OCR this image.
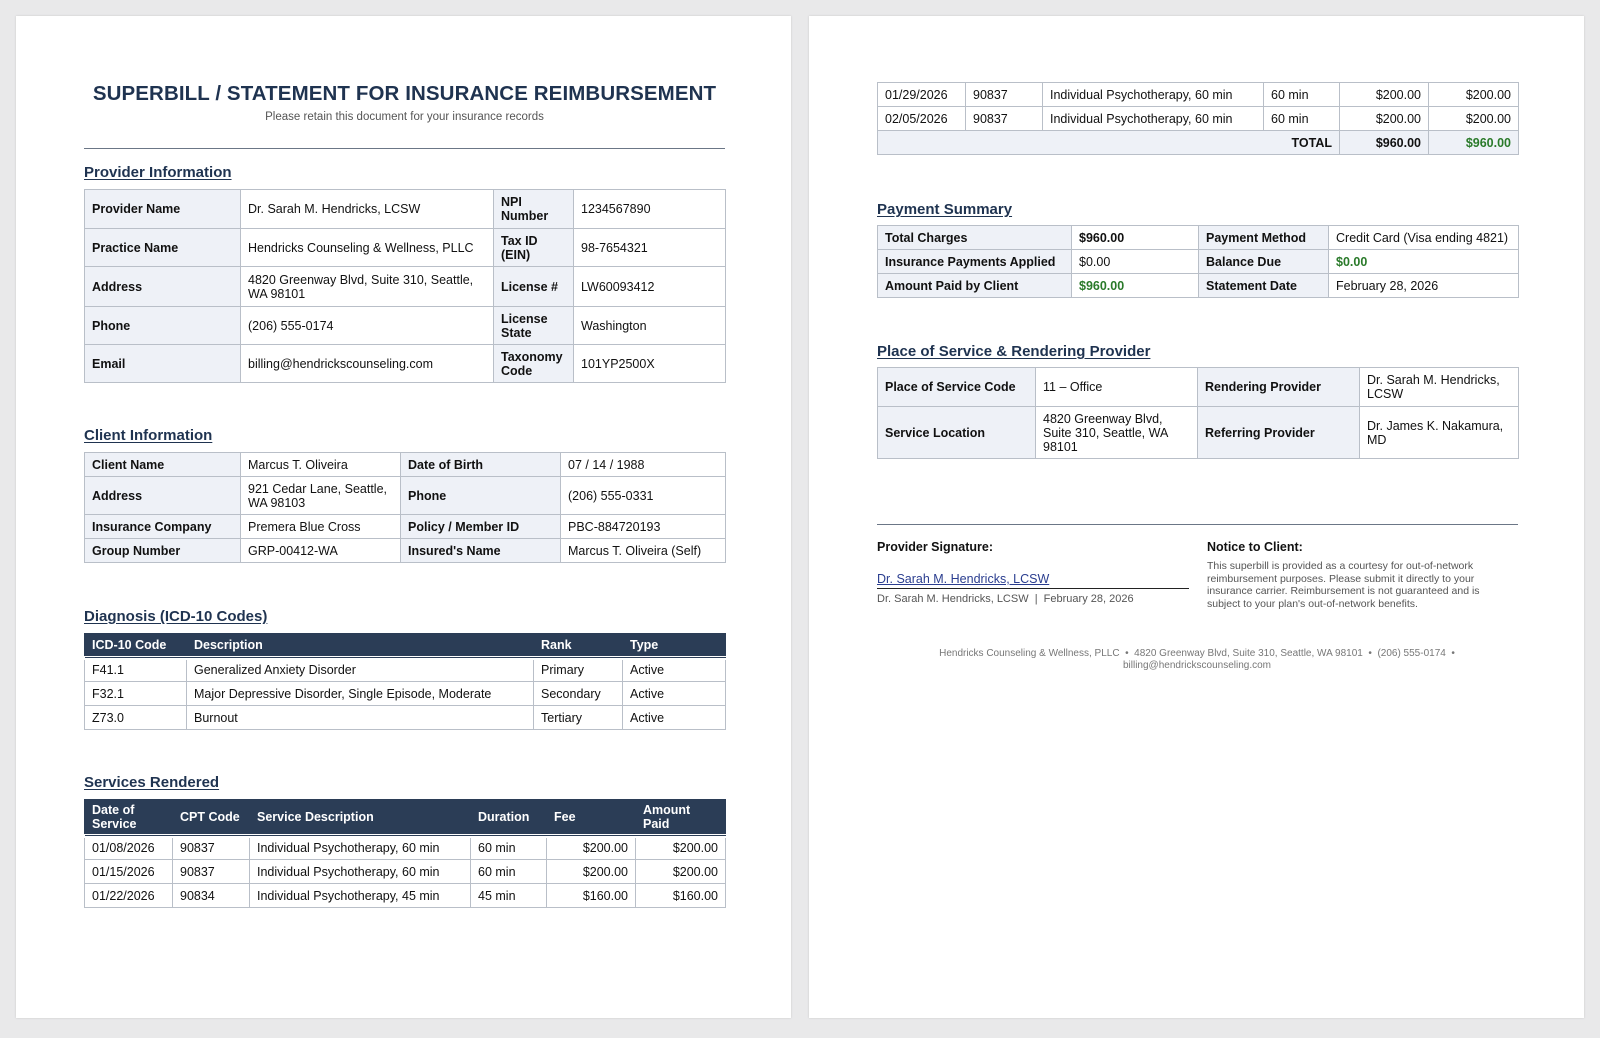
SUPERBILL / STATEMENT FOR INSURANCE REIMBURSEMENT
Please retain this document for your insurance records
Provider Information
Provider Name	Dr. Sarah M. Hendricks, LCSW	NPI Number	1234567890
Practice Name	Hendricks Counseling & Wellness, PLLC	Tax ID (EIN)	98-7654321
Address	4820 Greenway Blvd, Suite 310, Seattle, WA 98101	License #	LW60093412
Phone	(206) 555-0174	License State	Washington
Email	billing@hendrickscounseling.com	Taxonomy Code	101YP2500X
Client Information
Client Name	Marcus T. Oliveira	Date of Birth	07 / 14 / 1988
Address	921 Cedar Lane, Seattle, WA 98103	Phone	(206) 555-0331
Insurance Company	Premera Blue Cross	Policy / Member ID	PBC-884720193
Group Number	GRP-00412-WA	Insured's Name	Marcus T. Oliveira (Self)
Diagnosis (ICD-10 Codes)
ICD-10 Code	Description	Rank	Type
F41.1	Generalized Anxiety Disorder	Primary	Active
F32.1	Major Depressive Disorder, Single Episode, Moderate	Secondary	Active
Z73.0	Burnout	Tertiary	Active
Services Rendered
Date of Service	CPT Code	Service Description	Duration	Fee	Amount Paid
01/08/2026	90837	Individual Psychotherapy, 60 min	60 min	$200.00	$200.00
01/15/2026	90837	Individual Psychotherapy, 60 min	60 min	$200.00	$200.00
01/22/2026	90834	Individual Psychotherapy, 45 min	45 min	$160.00	$160.00
01/29/2026	90837	Individual Psychotherapy, 60 min	60 min	$200.00	$200.00
02/05/2026	90837	Individual Psychotherapy, 60 min	60 min	$200.00	$200.00
TOTAL				$960.00	$960.00
Payment Summary
Total Charges	$960.00	Payment Method	Credit Card (Visa ending 4821)
Insurance Payments Applied	$0.00	Balance Due	$0.00
Amount Paid by Client	$960.00	Statement Date	February 28, 2026
Place of Service & Rendering Provider
Place of Service Code	11 – Office	Rendering Provider	Dr. Sarah M. Hendricks, LCSW
Service Location	4820 Greenway Blvd, Suite 310, Seattle, WA 98101	Referring Provider	Dr. James K. Nakamura, MD
Provider Signature:
Dr. Sarah M. Hendricks, LCSW
Dr. Sarah M. Hendricks, LCSW  |  February 28, 2026
Notice to Client:
This superbill is provided as a courtesy for out-of-network reimbursement purposes. Please submit it directly to your insurance carrier. Reimbursement is not guaranteed and is subject to your plan's out-of-network benefits.
Hendricks Counseling & Wellness, PLLC  •  4820 Greenway Blvd, Suite 310, Seattle, WA 98101  •  (206) 555-0174  •
billing@hendrickscounseling.com
